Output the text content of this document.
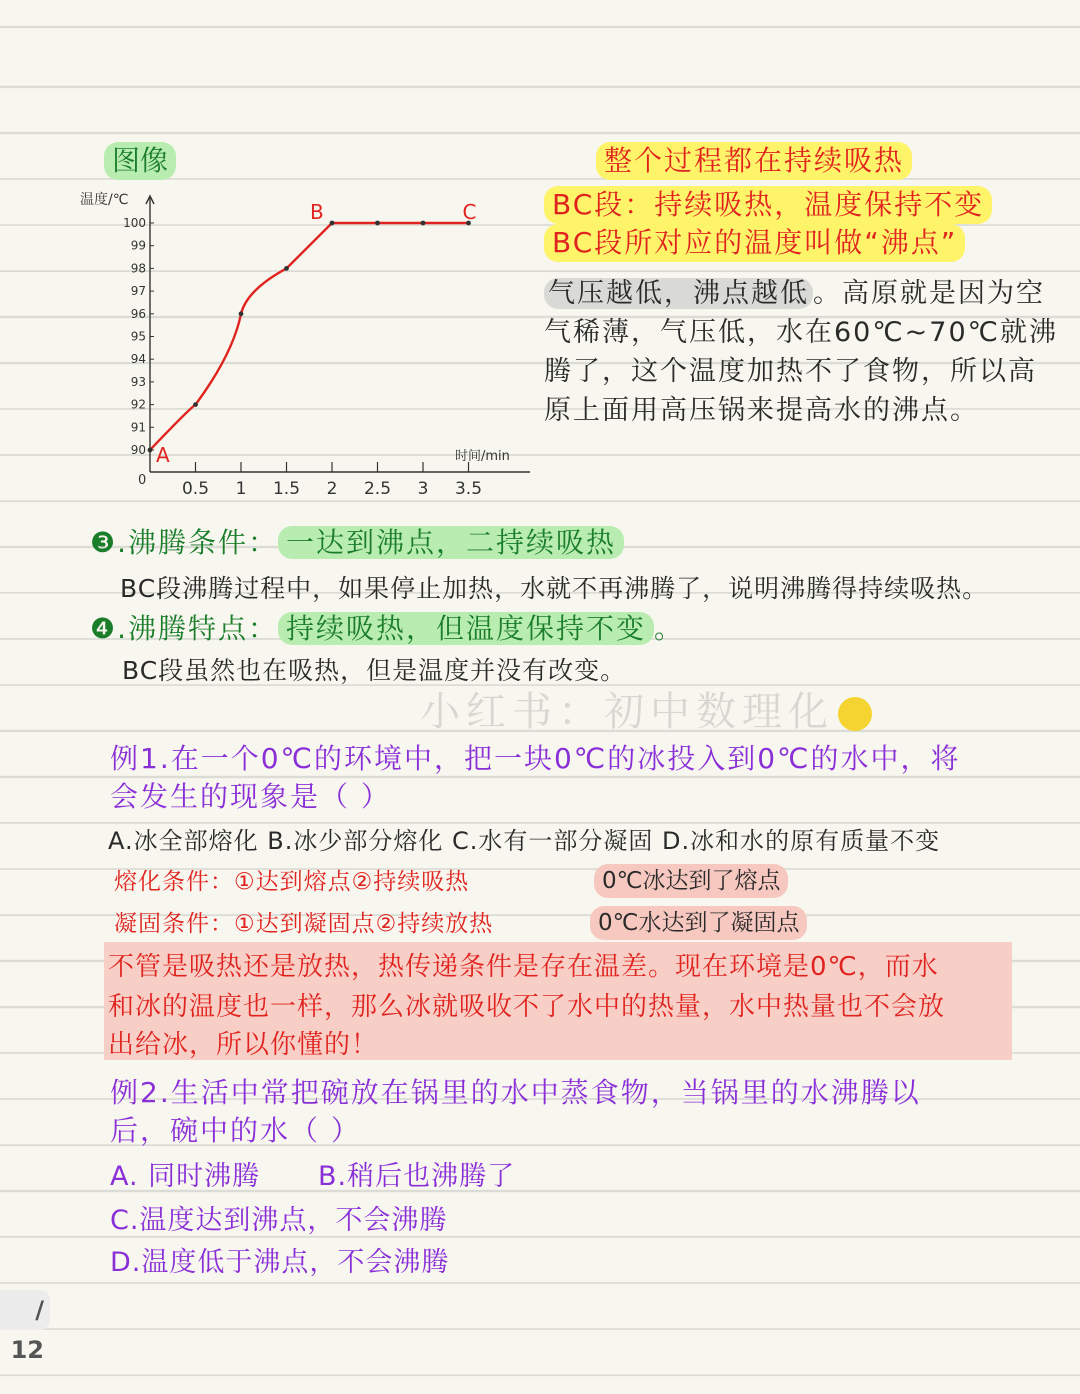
图像
温度/℃
时间/min
0
90
91
92
93
94
95
96
97
98
99
100
0.5 1 1.5 2 2.5 3 3.5
A
B	C
整个过程都在持续吸热
BC段：持续吸热，温度保持不变
BC段所对应的温度叫做“沸点”
气压越低，沸点越低 。高原就是因为空
气稀薄，气压低，水在60℃~70℃就沸
腾了，这个温度加热不了食物，所以高
原上面用高压锅来提高水的沸点。
❸.沸腾条件： 一达到沸点，二持续吸热
BC段沸腾过程中，如果停止加热，水就不再沸腾了，说明沸腾得持续吸热。
❹.沸腾特点： 持续吸热，但温度保持不变 。
BC段虽然也在吸热，但是温度并没有改变。
小红书：初中数理化
例1.在一个0℃的环境中，把一块0℃的冰投入到0℃的水中，将
会发生的现象是（ ）
A.冰全部熔化 B.冰少部分熔化 C.水有一部分凝固 D.冰和水的原有质量不变
熔化条件：①达到熔点②持续吸热	0℃冰达到了熔点
凝固条件：①达到凝固点②持续放热	0℃水达到了凝固点
不管是吸热还是放热，热传递条件是存在温差。现在环境是0℃，而水
和冰的温度也一样，那么冰就吸收不了水中的热量，水中热量也不会放
出给冰，所以你懂的！
例2.生活中常把碗放在锅里的水中蒸食物，当锅里的水沸腾以
后，碗中的水（ ）
A. 同时沸腾 B.稍后也沸腾了
C.温度达到沸点，不会沸腾
D.温度低于沸点，不会沸腾
/ 12
